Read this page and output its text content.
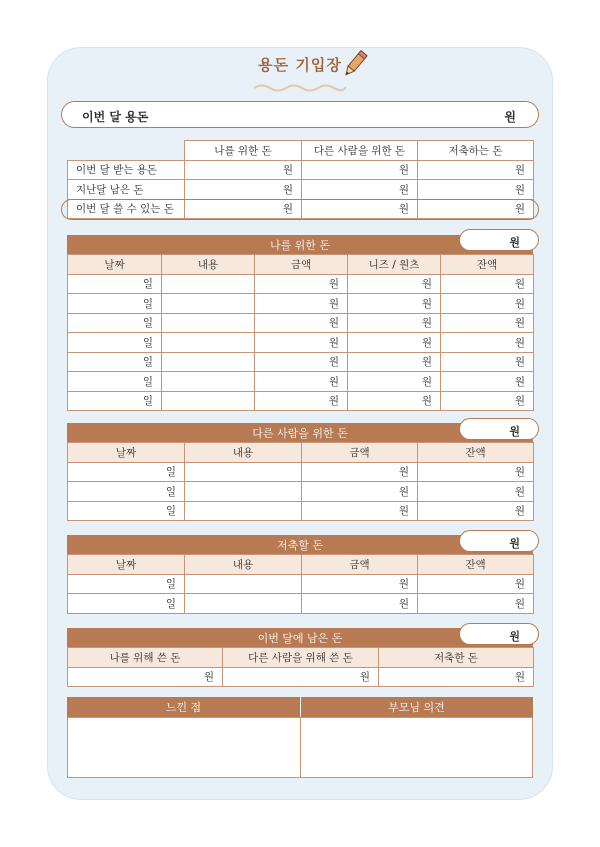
용돈 기입장
이번 달 용돈	원
	나를 위한 돈	다른 사람을 위한 돈	저축하는 돈
이번 달 받는 용돈	원	원	원
지난달 남은 돈	원	원	원
이번 달 쓸 수 있는 돈	원	원	원
나를 위한 돈
날짜	내용	금액	니즈 / 원츠	잔액
일		원	원	원
일		원	원	원
일		원	원	원
일		원	원	원
일		원	원	원
일		원	원	원
일		원	원	원
원
다른 사람을 위한 돈
날짜	내용	금액	잔액
일		원	원
일		원	원
일		원	원
원
저축할 돈
날짜	내용	금액	잔액
일		원	원
일		원	원
원
이번 달에 남은 돈
나를 위해 쓴 돈	다른 사람을 위해 쓴 돈	저축한 돈
원	원	원
원
느낀 점	부모님 의견
